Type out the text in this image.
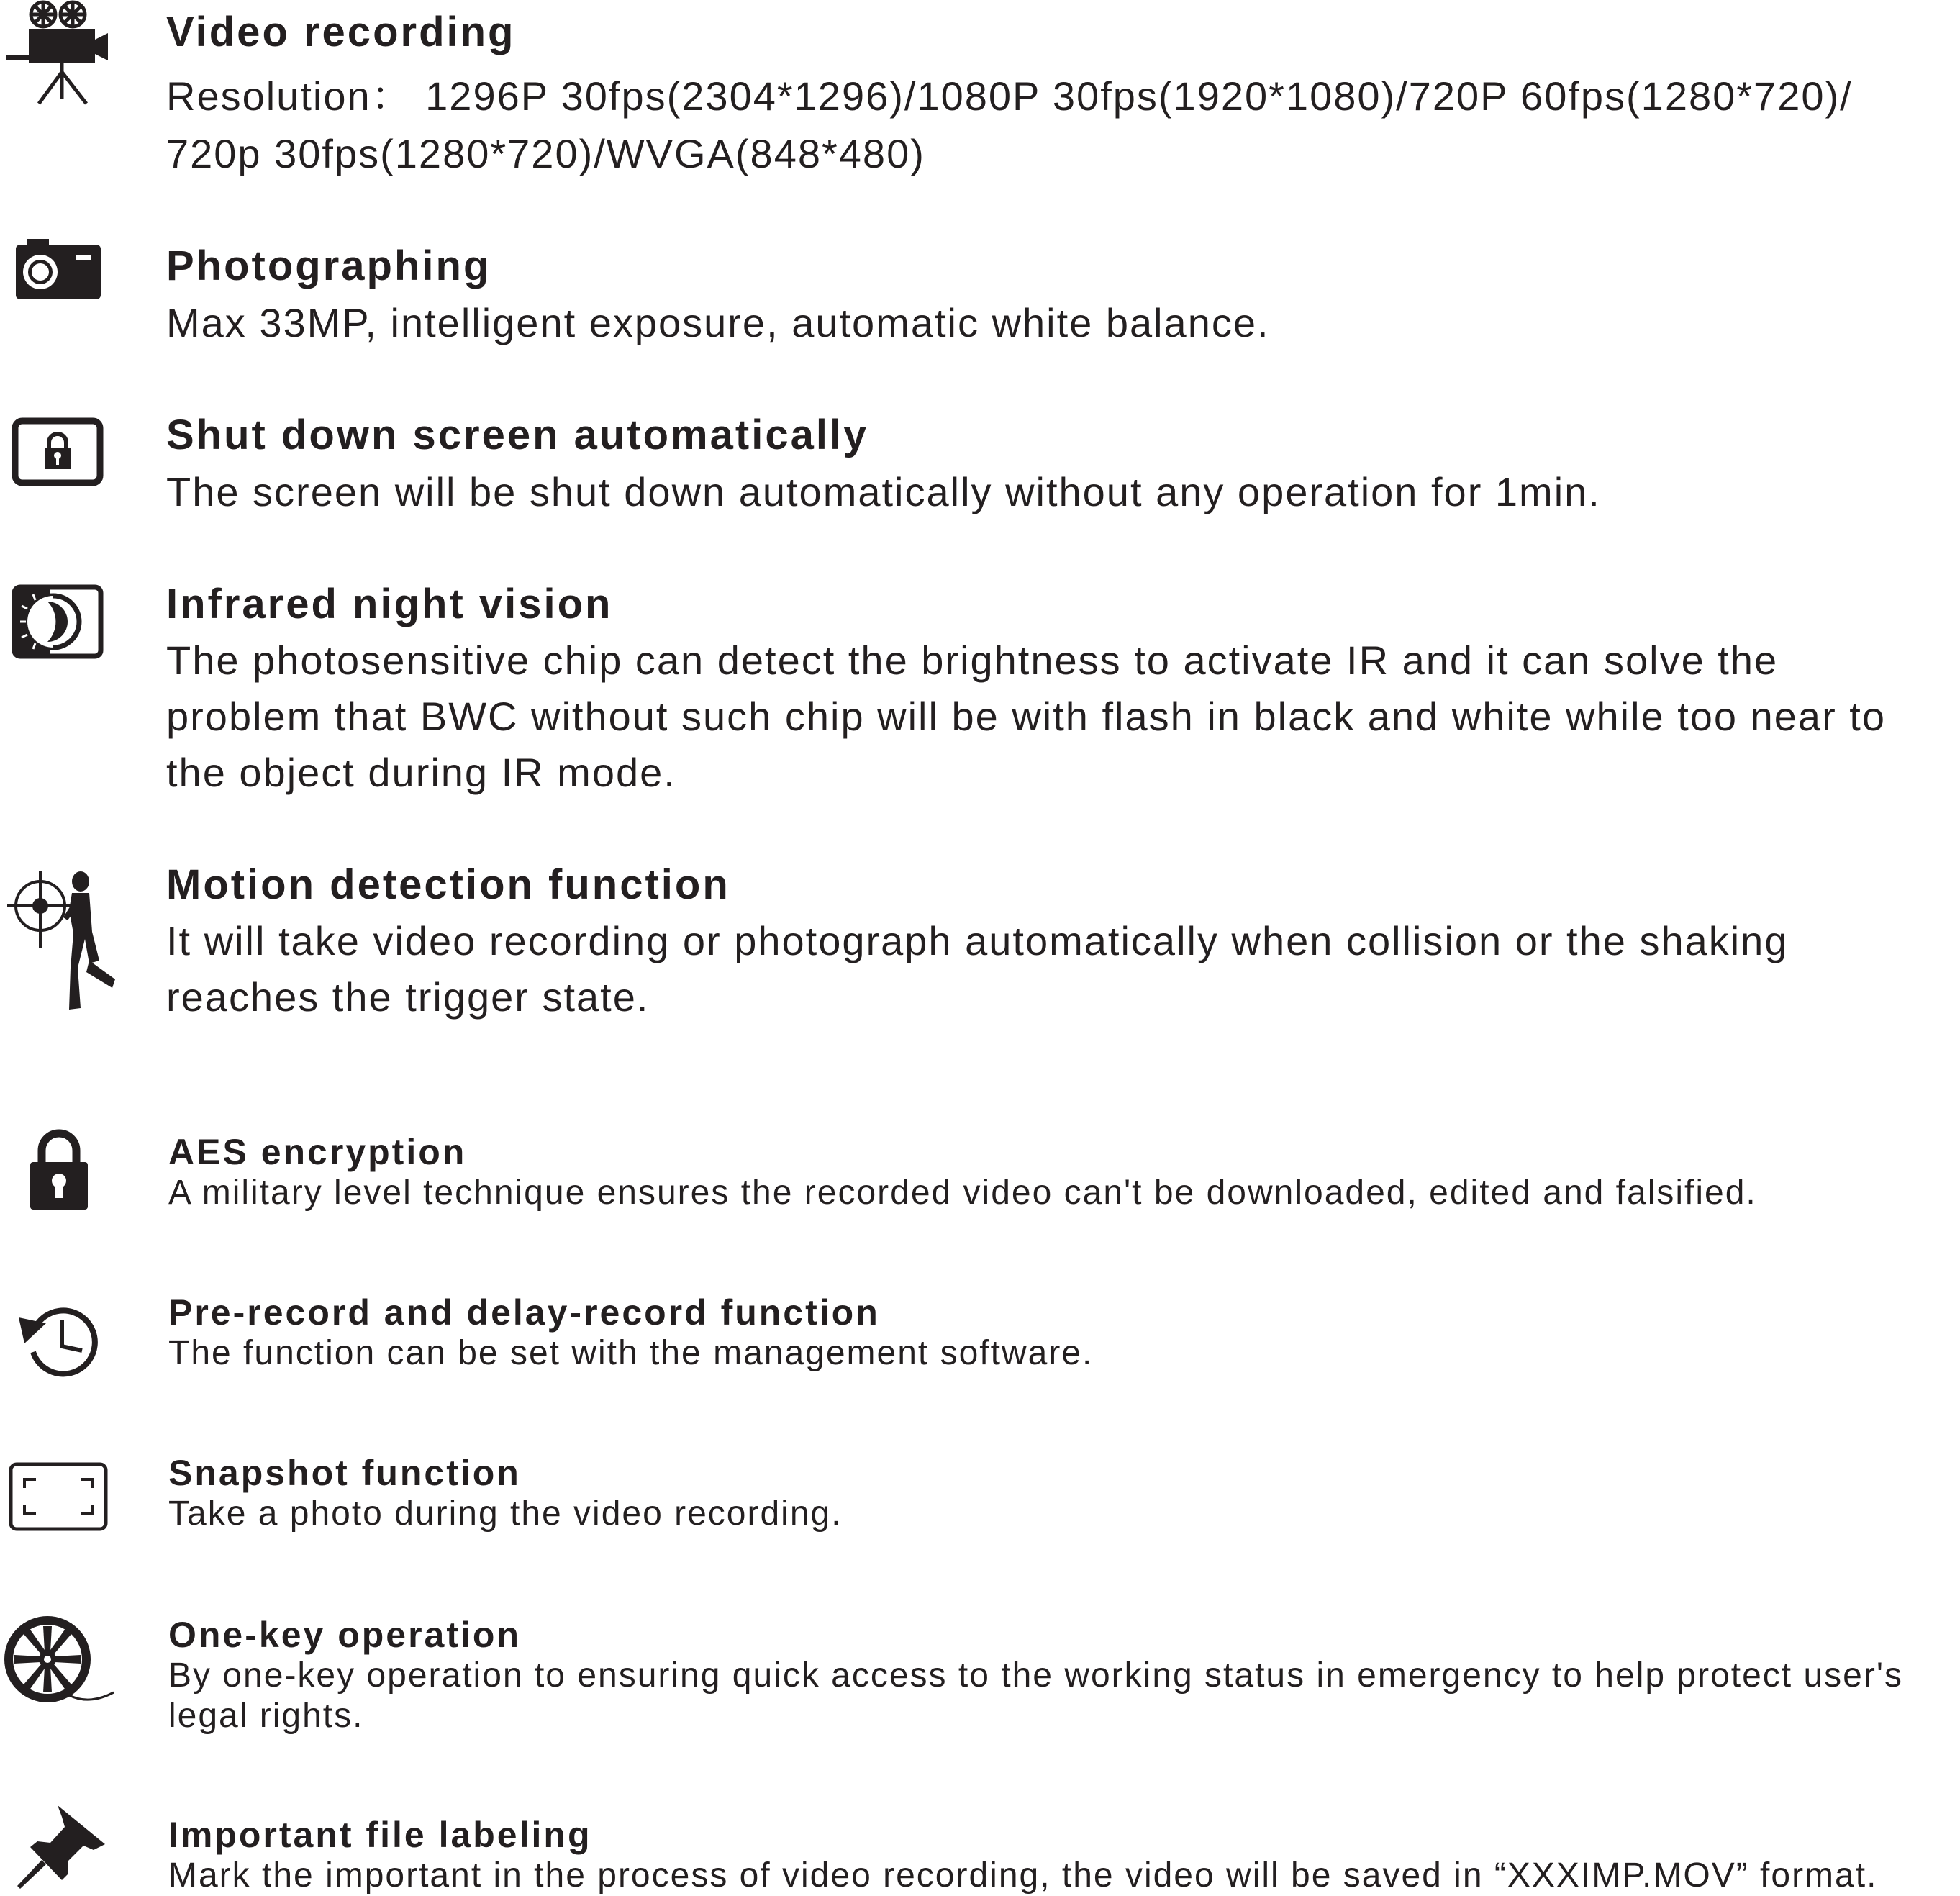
Video recording
Resolution： 1296P 30fps(2304*1296)/1080P 30fps(1920*1080)/720P 60fps(1280*720)/
720p 30fps(1280*720)/WVGA(848*480)
Photographing
Max 33MP, intelligent exposure, automatic white balance.
Shut down screen automatically
The screen will be shut down automatically without any operation for 1min.
Infrared night vision
The photosensitive chip can detect the brightness to activate IR and it can solve the
problem that BWC without such chip will be with flash in black and white while too near to
the object during IR mode.
Motion detection function
It will take video recording or photograph automatically when collision or the shaking
reaches the trigger state.
AES encryption
A military level technique ensures the recorded video can't be downloaded, edited and falsified.
Pre-record and delay-record function
The function can be set with the management software.
Snapshot function
Take a photo during the video recording.
One-key operation
By one-key operation to ensuring quick access to the working status in emergency to help protect user's
legal rights.
Important file labeling
Mark the important in the process of video recording, the video will be saved in “XXXIMP.MOV” format.
